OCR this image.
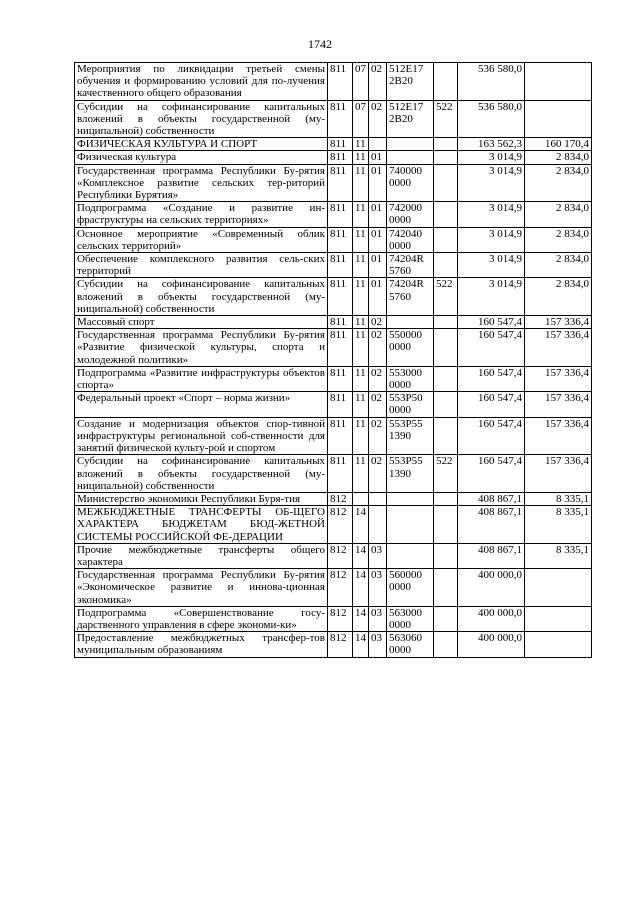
1742
Мероприятия по ликвидации третьей смены обучения и формированию условий для по-лучения качественного общего образования	811	07	02	512E17 2В20		536 580,0	
Субсидии на софинансирование капитальных вложений в объекты государственной (му-ниципальной) собственности	811	07	02	512E17 2В20	522	536 580,0	
ФИЗИЧЕСКАЯ КУЛЬТУРА И СПОРТ	811	11				163 562,3	160 170,4
Физическая культура	811	11	01			3 014,9	2 834,0
Государственная программа Республики Бу-рятия «Комплексное развитие сельских тер-риторий Республики Бурятия»	811	11	01	740000 0000		3 014,9	2 834,0
Подпрограмма «Создание и развитие ин-фраструктуры на сельских территориях»	811	11	01	742000 0000		3 014,9	2 834,0
Основное мероприятие «Современный облик сельских территорий»	811	11	01	742040 0000		3 014,9	2 834,0
Обеспечение комплексного развития сель-ских территорий	811	11	01	74204R 5760		3 014,9	2 834,0
Субсидии на софинансирование капитальных вложений в объекты государственной (му-ниципальной) собственности	811	11	01	74204R 5760	522	3 014,9	2 834,0
Массовый спорт	811	11	02			160 547,4	157 336,4
Государственная программа Республики Бу-рятия «Развитие физической культуры, спорта и молодежной политики»	811	11	02	550000 0000		160 547,4	157 336,4
Подпрограмма «Развитие инфраструктуры объектов спорта»	811	11	02	553000 0000		160 547,4	157 336,4
Федеральный проект «Спорт – норма жизни»	811	11	02	553P50 0000		160 547,4	157 336,4
Создание и модернизация объектов спор-тивной инфраструктуры региональной соб-ственности для занятий физической культу-рой и спортом	811	11	02	553P55 1390		160 547,4	157 336,4
Субсидии на софинансирование капитальных вложений в объекты государственной (му-ниципальной) собственности	811	11	02	553P55 1390	522	160 547,4	157 336,4
Министерство экономики Республики Буря-тия	812					408 867,1	8 335,1
МЕЖБЮДЖЕТНЫЕ ТРАНСФЕРТЫ ОБ-ЩЕГО ХАРАКТЕРА БЮДЖЕТАМ БЮД-ЖЕТНОЙ СИСТЕМЫ РОССИЙСКОЙ ФЕ-ДЕРАЦИИ	812	14				408 867,1	8 335,1
Прочие межбюджетные трансферты общего характера	812	14	03			408 867,1	8 335,1
Государственная программа Республики Бу-рятия «Экономическое развитие и иннова-ционная экономика»	812	14	03	560000 0000		400 000,0	
Подпрограмма «Совершенствование госу-дарственного управления в сфере экономи-ки»	812	14	03	563000 0000		400 000,0	
Предоставление межбюджетных трансфер-тов муниципальным образованиям	812	14	03	563060 0000		400 000,0	
